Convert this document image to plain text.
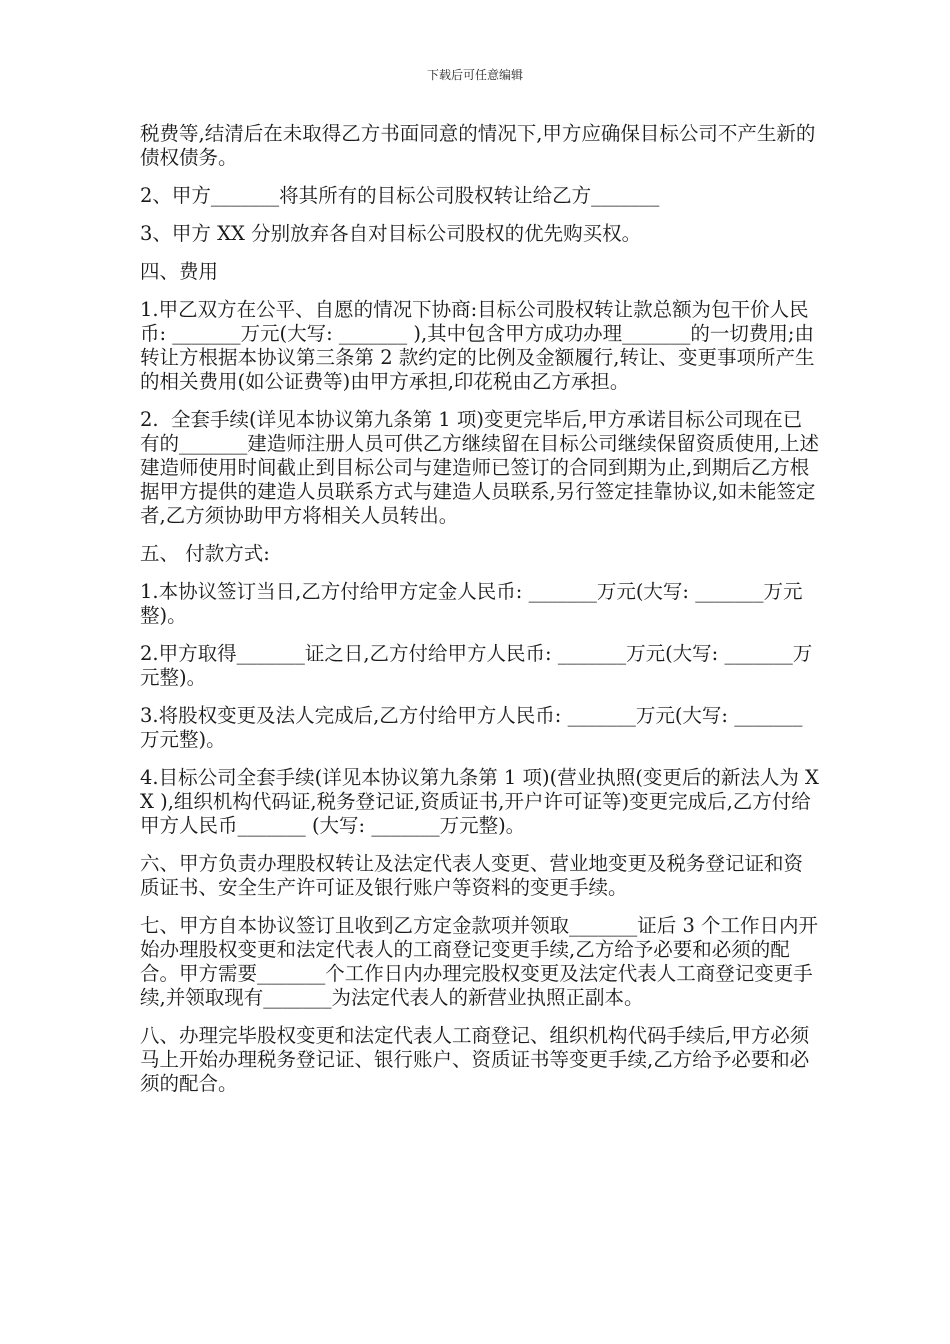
下载后可任意编辑

税费等,结清后在未取得乙方书面同意的情况下,甲方应确保目标公司不产生新的债权债务。

2、甲方_______将其所有的目标公司股权转让给乙方_______

3、甲方 XX 分别放弃各自对目标公司股权的优先购买权。

四、费用

1.甲乙双方在公平、自愿的情况下协商:目标公司股权转让款总额为包干价人民币: _______万元(大写: _______ ),其中包含甲方成功办理_______的一切费用;由转让方根据本协议第三条第 2 款约定的比例及金额履行,转让、变更事项所产生的相关费用(如公证费等)由甲方承担,印花税由乙方承担。

2.  全套手续(详见本协议第九条第 1 项)变更完毕后,甲方承诺目标公司现在已有的_______建造师注册人员可供乙方继续留在目标公司继续保留资质使用,上述建造师使用时间截止到目标公司与建造师已签订的合同到期为止,到期后乙方根据甲方提供的建造人员联系方式与建造人员联系,另行签定挂靠协议,如未能签定者,乙方须协助甲方将相关人员转出。

五、 付款方式:

1.本协议签订当日,乙方付给甲方定金人民币: _______万元(大写: _______万元整)。

2.甲方取得_______证之日,乙方付给甲方人民币: _______万元(大写: _______万元整)。

3.将股权变更及法人完成后,乙方付给甲方人民币: _______万元(大写: _______万元整)。

4.目标公司全套手续(详见本协议第九条第 1 项)(营业执照(变更后的新法人为 XX ),组织机构代码证,税务登记证,资质证书,开户许可证等)变更完成后,乙方付给甲方人民币_______ (大写: _______万元整)。

六、甲方负责办理股权转让及法定代表人变更、营业地变更及税务登记证和资质证书、安全生产许可证及银行账户等资料的变更手续。

七、甲方自本协议签订且收到乙方定金款项并领取_______证后 3 个工作日内开始办理股权变更和法定代表人的工商登记变更手续,乙方给予必要和必须的配合。甲方需要_______个工作日内办理完股权变更及法定代表人工商登记变更手续,并领取现有_______为法定代表人的新营业执照正副本。

八、办理完毕股权变更和法定代表人工商登记、组织机构代码手续后,甲方必须马上开始办理税务登记证、银行账户、资质证书等变更手续,乙方给予必要和必须的配合。
